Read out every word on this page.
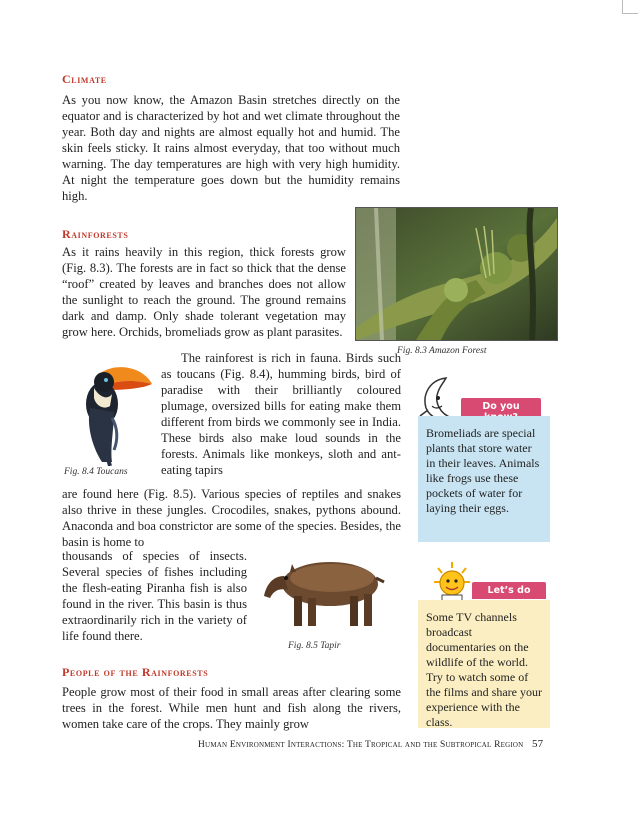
Climate

As you now know, the Amazon Basin stretches directly on the equator and is characterized by hot and wet climate throughout the year. Both day and nights are almost equally hot and humid. The skin feels sticky. It rains almost everyday, that too without much warning. The day temperatures are high with very high humidity. At night the temperature goes down but the humidity remains high.

Fig. 8.3 Amazon Forest
Rainforests

As it rains heavily in this region, thick forests grow (Fig. 8.3). The forests are in fact so thick that the dense “roof” created by leaves and branches does not allow the sunlight to reach the ground. The ground remains dark and damp. Only shade tolerant vegetation may grow here. Orchids, bromeliads grow as plant parasites.

Fig. 8.4 Toucans

The rainforest is rich in fauna. Birds such as toucans (Fig. 8.4), humming birds, bird of paradise with their brilliantly coloured plumage, oversized bills for eating make them different from birds we commonly see in India. These birds also make loud sounds in the forests. Animals like monkeys, sloth and ant-eating tapirs

are found here (Fig. 8.5). Various species of reptiles and snakes also thrive in these jungles. Crocodiles, snakes, pythons abound. Anaconda and boa constrictor are some of the species. Besides, the basin is home to

thousands of species of insects. Several species of fishes including the flesh-eating Piranha fish is also found in the river. This basin is thus extraordinarily rich in the variety of life found there.

Fig. 8.5 Tapir
People of the Rainforests

People grow most of their food in small areas after clearing some trees in the forest. While men hunt and fish along the rivers, women take care of the crops. They mainly grow

Do you
Bromeliads are special plants that store water in their leaves. Animals like frogs use these pockets of water for laying their eggs.
Let’s do
Some TV channels broadcast documentaries on the wildlife of the world. Try to watch some of the films and share your experience with the class.
Human Environment Interactions: The Tropical and the Subtropical Region 57
